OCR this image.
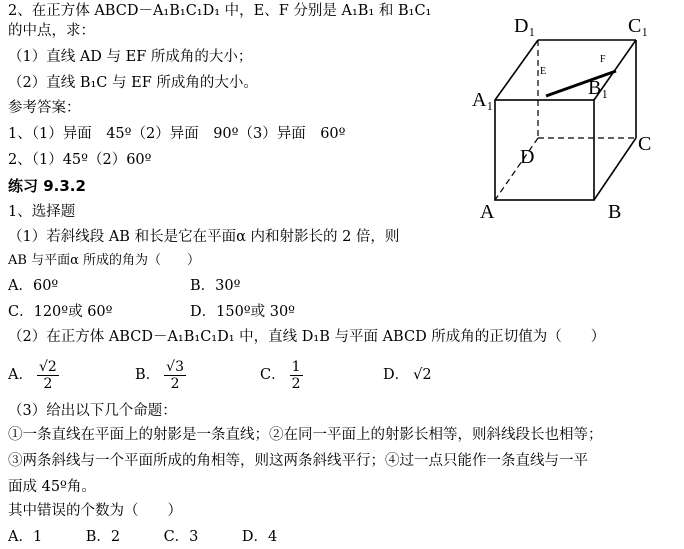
2、在正方体 ABCD－A₁B₁C₁D₁ 中，E、F 分别是 A₁B₁ 和 B₁C₁
的中点，求：
（1）直线 AD 与 EF 所成角的大小；
（2）直线 B₁C 与 EF 所成角的大小。
参考答案：
1、（1）异面　45º（2）异面　90º（3）异面　60º
2、（1）45º（2）60º
练习 9.3.2
1、选择题
（1）若斜线段 AB 和长是它在平面α 内和射影长的 2 倍，则
AB 与平面α 所成的角为（　　）
A．60º	B．30º
C．120º或 60º	D．150º或 30º
（2）在正方体 ABCD－A₁B₁C₁D₁ 中，直线 D₁B 与平面 ABCD 所成角的正切值为（　　）
A． $\frac{√2}{2}$	B． $\frac{√3}{2}$	C． $\frac{1}{2}$	D． √2
（3）给出以下几个命题：
①一条直线在平面上的射影是一条直线；②在同一平面上的射影长相等，则斜线段长也相等；
③两条斜线与一个平面所成的角相等，则这两条斜线平行；④过一点只能作一条直线与一平
面成 45º角。
其中错误的个数为（　　）
A．1　　　B．2　　　C．3　　　D．4
D₁	C₁
A₁
B₁
D
C
A	B
E
F
